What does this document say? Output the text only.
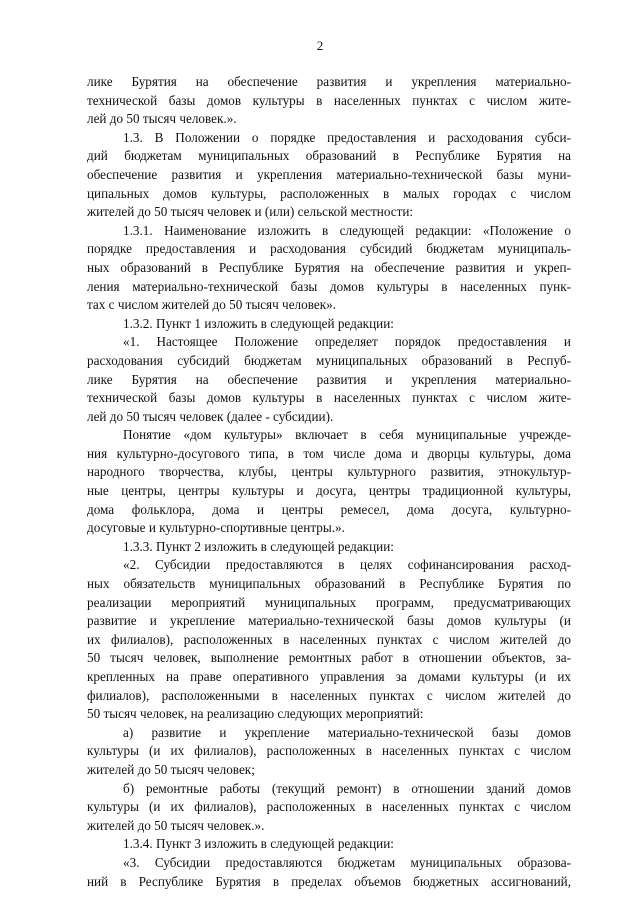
2
лике Бурятия на обеспечение развития и укрепления материально-
технической базы домов культуры в населенных пунктах с числом жите-
лей до 50 тысяч человек.».
1.3. В Положении о порядке предоставления и расходования субси-
дий бюджетам муниципальных образований в Республике Бурятия на
обеспечение развития и укрепления материально-технической базы муни-
ципальных домов культуры, расположенных в малых городах с числом
жителей до 50 тысяч человек и (или) сельской местности:
1.3.1. Наименование изложить в следующей редакции: «Положение о
порядке предоставления и расходования субсидий бюджетам муниципаль-
ных образований в Республике Бурятия на обеспечение развития и укреп-
ления материально-технической базы домов культуры в населенных пунк-
тах с числом жителей до 50 тысяч человек».
1.3.2. Пункт 1 изложить в следующей редакции:
«1. Настоящее Положение определяет порядок предоставления и
расходования субсидий бюджетам муниципальных образований в Респуб-
лике Бурятия на обеспечение развития и укрепления материально-
технической базы домов культуры в населенных пунктах с числом жите-
лей до 50 тысяч человек (далее - субсидии).
Понятие «дом культуры» включает в себя муниципальные учрежде-
ния культурно-досугового типа, в том числе дома и дворцы культуры, дома
народного творчества, клубы, центры культурного развития, этнокультур-
ные центры, центры культуры и досуга, центры традиционной культуры,
дома фольклора, дома и центры ремесел, дома досуга, культурно-
досуговые и культурно-спортивные центры.».
1.3.3. Пункт 2 изложить в следующей редакции:
«2. Субсидии предоставляются в целях софинансирования расход-
ных обязательств муниципальных образований в Республике Бурятия по
реализации мероприятий муниципальных программ, предусматривающих
развитие и укрепление материально-технической базы домов культуры (и
их филиалов), расположенных в населенных пунктах с числом жителей до
50 тысяч человек, выполнение ремонтных работ в отношении объектов, за-
крепленных на праве оперативного управления за домами культуры (и их
филиалов), расположенными в населенных пунктах с числом жителей до
50 тысяч человек, на реализацию следующих мероприятий:
а) развитие и укрепление материально-технической базы домов
культуры (и их филиалов), расположенных в населенных пунктах с числом
жителей до 50 тысяч человек;
б) ремонтные работы (текущий ремонт) в отношении зданий домов
культуры (и их филиалов), расположенных в населенных пунктах с числом
жителей до 50 тысяч человек.».
1.3.4. Пункт 3 изложить в следующей редакции:
«3. Субсидии предоставляются бюджетам муниципальных образова-
ний в Республике Бурятия в пределах объемов бюджетных ассигнований,
